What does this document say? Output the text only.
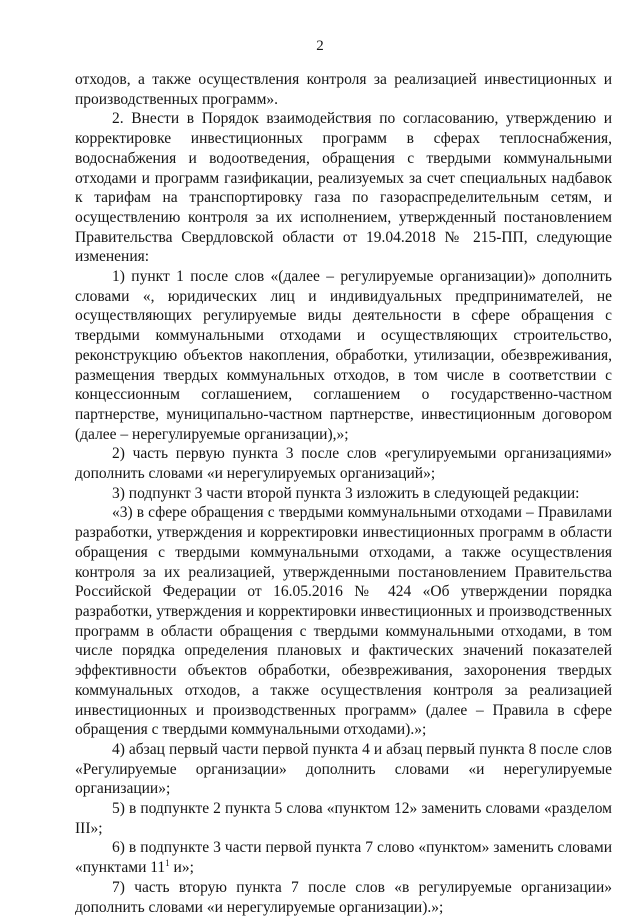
2

отходов, а также осуществления контроля за реализацией инвестиционных и производственных программ».

2. Внести в Порядок взаимодействия по согласованию, утверждению и корректировке инвестиционных программ в сферах теплоснабжения, водоснабжения и водоотведения, обращения с твердыми коммунальными отходами и программ газификации, реализуемых за счет специальных надбавок к тарифам на транспортировку газа по газораспределительным сетям, и осуществлению контроля за их исполнением, утвержденный постановлением Правительства Свердловской области от 19.04.2018 № 215-ПП, следующие изменения:

1) пункт 1 после слов «(далее – регулируемые организации)» дополнить словами «, юридических лиц и индивидуальных предпринимателей, не осуществляющих регулируемые виды деятельности в сфере обращения с твердыми коммунальными отходами и осуществляющих строительство, реконструкцию объектов накопления, обработки, утилизации, обезвреживания, размещения твердых коммунальных отходов, в том числе в соответствии с концессионным соглашением, соглашением о государственно-частном партнерстве, муниципально-частном партнерстве, инвестиционным договором (далее – нерегулируемые организации),»;

2) часть первую пункта 3 после слов «регулируемыми организациями» дополнить словами «и нерегулируемых организаций»;

3) подпункт 3 части второй пункта 3 изложить в следующей редакции:

«3) в сфере обращения с твердыми коммунальными отходами – Правилами разработки, утверждения и корректировки инвестиционных программ в области обращения с твердыми коммунальными отходами, а также осуществления контроля за их реализацией, утвержденными постановлением Правительства Российской Федерации от 16.05.2016 № 424 «Об утверждении порядка разработки, утверждения и корректировки инвестиционных и производственных программ в области обращения с твердыми коммунальными отходами, в том числе порядка определения плановых и фактических значений показателей эффективности объектов обработки, обезвреживания, захоронения твердых коммунальных отходов, а также осуществления контроля за реализацией инвестиционных и производственных программ» (далее – Правила в сфере обращения с твердыми коммунальными отходами).»;

4) абзац первый части первой пункта 4 и абзац первый пункта 8 после слов «Регулируемые организации» дополнить словами «и нерегулируемые организации»;

5) в подпункте 2 пункта 5 слова «пунктом 12» заменить словами «разделом III»;

6) в подпункте 3 части первой пункта 7 слово «пунктом» заменить словами «пунктами $11^1$ и»;

7) часть вторую пункта 7 после слов «в регулируемые организации» дополнить словами «и нерегулируемые организации).»;
